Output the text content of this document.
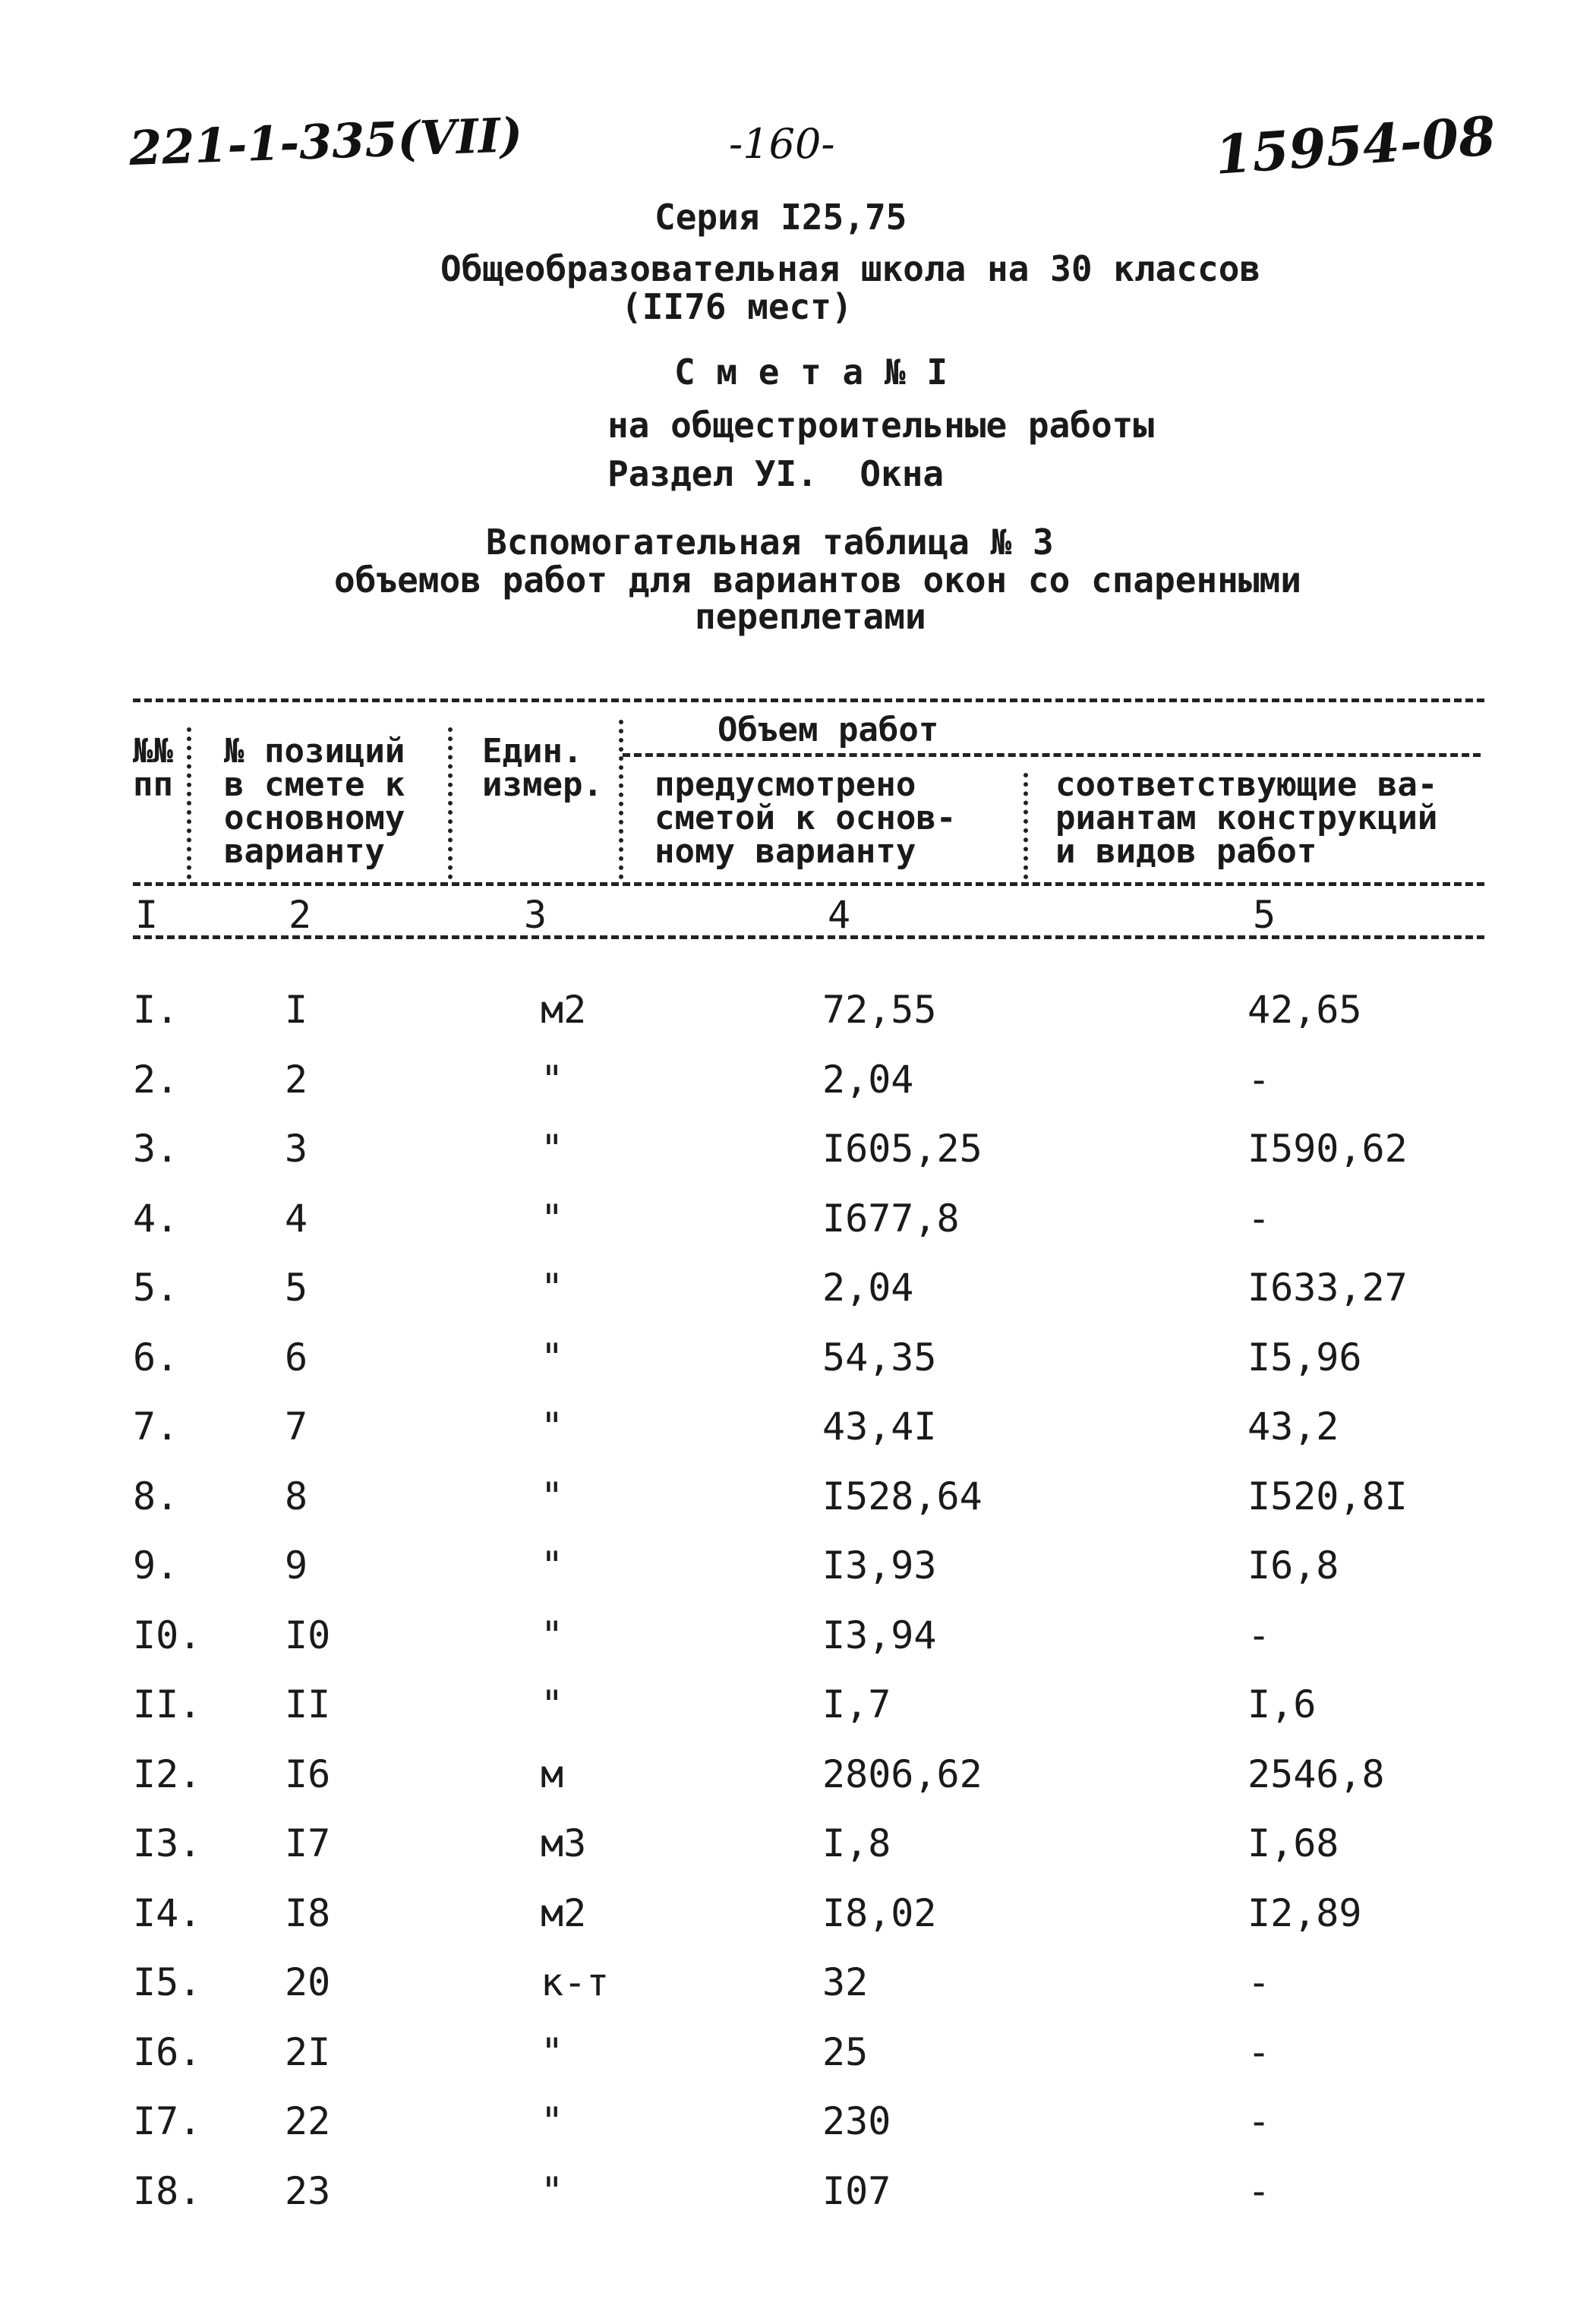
221-1-335(VII)	-160-	15954-08
Серия I25,75
Общеобразовательная школа на 30 классов
(II76 мест)
С м е т а № I
на общестроительные работы
Раздел УI.  Окна
Вспомогательная таблица № 3
объемов работ для вариантов окон со спаренными
переплетами
№№
пп
№ позиций
в смете к
основному
варианту
Един.
измер.
Объем работ
предусмотрено
сметой к основ-
ному варианту
соответствующие ва-
риантам конструкций
и видов работ
I	2	3	4	5
I.	I	м2	72,55	42,65
2.	2	"	2,04	-
3.	3	"	I605,25	I590,62
4.	4	"	I677,8	-
5.	5	"	2,04	I633,27
6.	6	"	54,35	I5,96
7.	7	"	43,4I	43,2
8.	8	"	I528,64	I520,8I
9.	9	"	I3,93	I6,8
I0. I0	"	I3,94	-
II. II	"	I,7	I,6
I2. I6	м	2806,62	2546,8
I3. I7	м3	I,8	I,68
I4. I8	м2	I8,02	I2,89
I5. 20	к-т	32	-
I6. 2I	"	25	-
I7. 22	"	230	-
I8. 23	"	I07	-
